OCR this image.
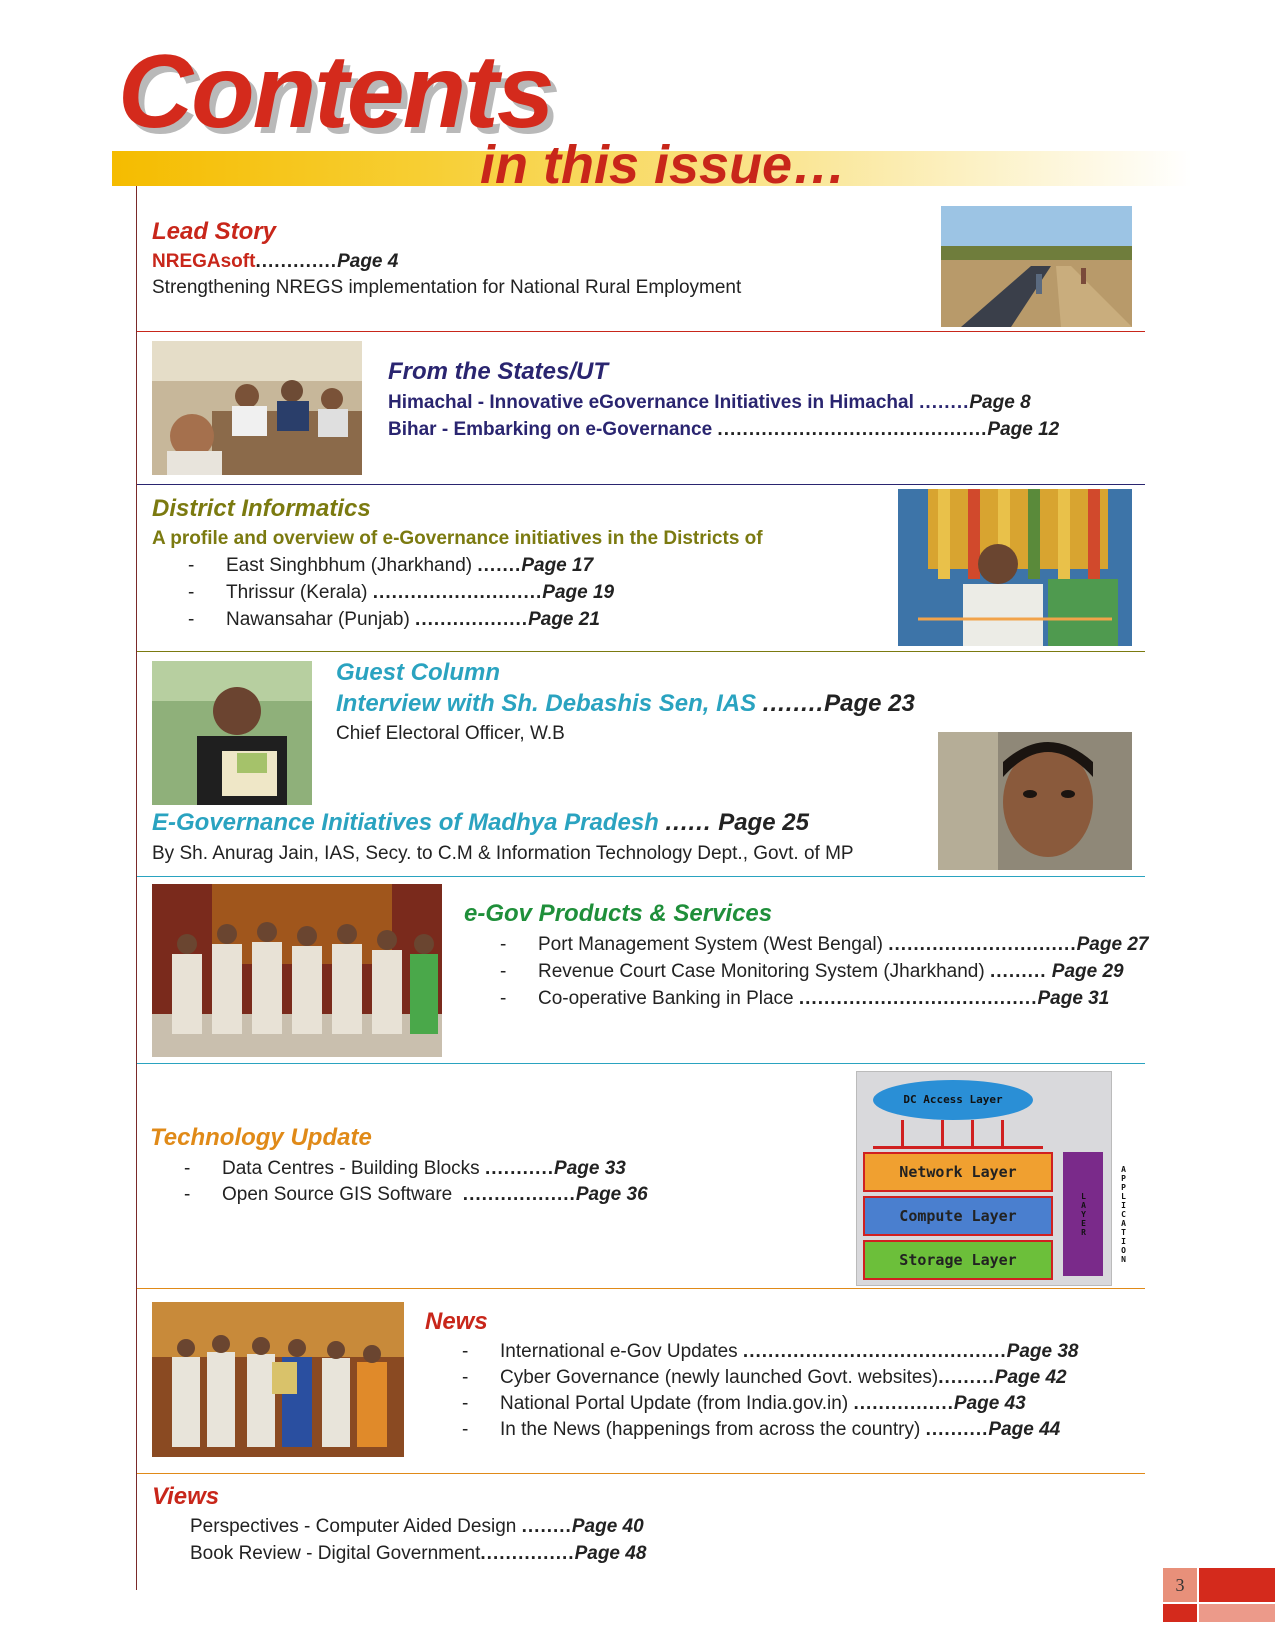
Contents
in this issue…
Lead Story
NREGAsoft.............Page 4
Strengthening NREGS implementation for National Rural Employment
From the States/UT
Himachal - Innovative eGovernance Initiatives in Himachal ........Page 8
Bihar - Embarking on e-Governance ...........................................Page 12
District Informatics
A profile and overview of e-Governance initiatives in the Districts of
- East Singhbhum (Jharkhand) .......Page 17
- Thrissur (Kerala) ...........................Page 19
- Nawansahar (Punjab) ..................Page 21
Guest Column
Interview with Sh. Debashis Sen, IAS ........Page 23
Chief Electoral Officer, W.B
E-Governance Initiatives of Madhya Pradesh ...... Page 25
By Sh. Anurag Jain, IAS, Secy. to C.M & Information Technology Dept., Govt. of MP
e-Gov Products & Services
- Port Management System (West Bengal) ..............................Page 27
- Revenue Court Case Monitoring System (Jharkhand) ......... Page 29
- Co-operative Banking in Place ......................................Page 31
Technology Update
- Data Centres - Building Blocks ...........Page 33
- Open Source GIS Software ..................Page 36
DC Access Layer
Network Layer
Compute Layer
Storage Layer	APPLICATION LAYER
News
- International e-Gov Updates ..........................................Page 38
- Cyber Governance (newly launched Govt. websites).........Page 42
- National Portal Update (from India.gov.in) ................Page 43
- In the News (happenings from across the country) ..........Page 44
Views
Perspectives - Computer Aided Design ........Page 40
Book Review - Digital Government...............Page 48
3
